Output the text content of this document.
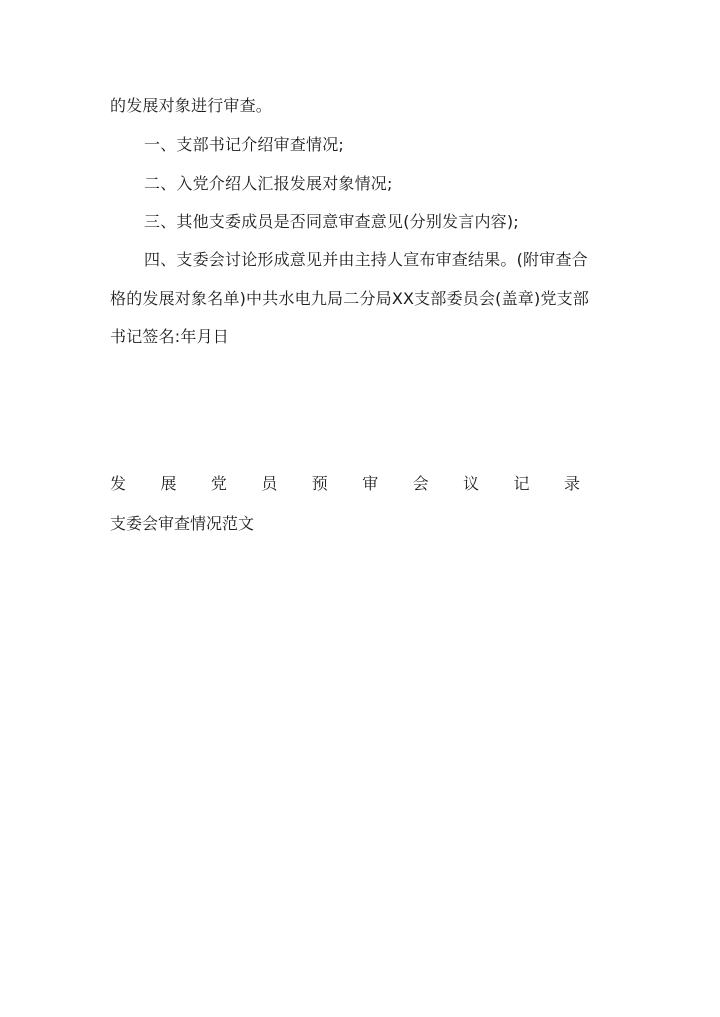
的发展对象进行审查。
一、支部书记介绍审查情况;
二、入党介绍人汇报发展对象情况;
三、其他支委成员是否同意审查意见(分别发言内容);
四、支委会讨论形成意见并由主持人宣布审查结果。(附审查合
格的发展对象名单)中共水电九局二分局XX支部委员会(盖章)党支部
书记签名:年月日
发 展 党 员 预 审 会 议 记 录
支委会审查情况范文
